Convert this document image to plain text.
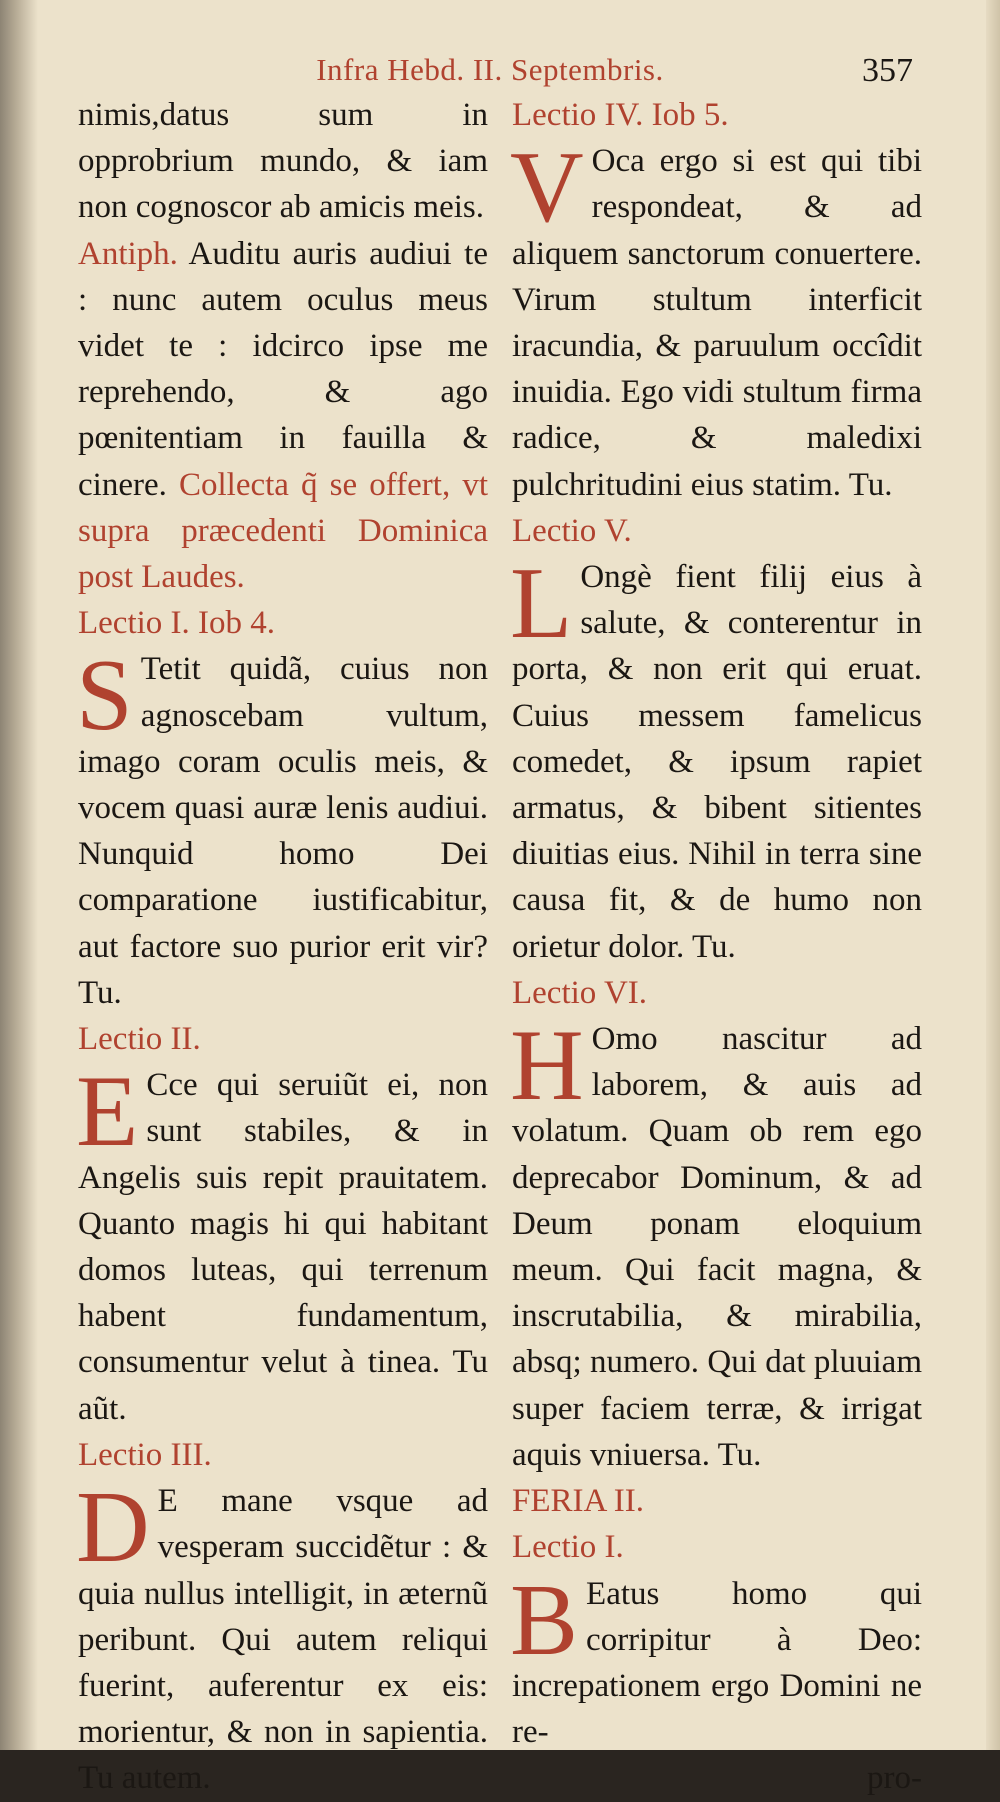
Infra Hebd. II. Septembris.	357

nimis,datus sum in opprobrium mundo, & iam non cognoscor ab amicis meis.

Antiph. Auditu auris audiui te : nunc autem oculus meus videt te : idcirco ipse me reprehendo, & ago pœnitentiam in fauilla & cinere. Collecta q̃ se offert, vt supra præcedenti Dominica post Laudes.

Lectio I. Iob 4.

S Tetit quidã, cuius non agnoscebam vultum, imago coram oculis meis, & vocem quasi auræ lenis audiui. Nunquid homo Dei comparatione iustificabitur, aut factore suo purior erit vir? Tu.

Lectio II.

E Cce qui seruiũt ei, non sunt stabiles, & in Angelis suis repit prauitatem. Quanto magis hi qui habitant domos luteas, qui terrenum habent fundamentum, consumentur velut à tinea. Tu aũt.

Lectio III.

D E mane vsque ad vesperam succidẽtur : & quia nullus intelligit, in æternũ peribunt. Qui autem reliqui fuerint, auferentur ex eis: morientur, & non in sapientia. Tu autem.

Lectio IV. Iob 5.

V Oca ergo si est qui tibi respondeat, & ad aliquem sanctorum conuertere. Virum stultum interficit iracundia, & paruulum occîdit inuidia. Ego vidi stultum firma radice, & maledixi pulchritudini eius statim. Tu.

Lectio V.

L Ongè fient filij eius à salute, & conterentur in porta, & non erit qui eruat. Cuius messem famelicus comedet, & ipsum rapiet armatus, & bibent sitientes diuitias eius. Nihil in terra sine causa fit, & de humo non orietur dolor. Tu.

Lectio VI.

H Omo nascitur ad laborem, & auis ad volatum. Quam ob rem ego deprecabor Dominum, & ad Deum ponam eloquium meum. Qui facit magna, & inscrutabilia, & mirabilia, absq; numero. Qui dat pluuiam super faciem terræ, & irrigat aquis vniuersa. Tu.

FERIA II.

Lectio I.

B Eatus homo qui corripitur à Deo: increpationem ergo Domini ne re-

pro-
